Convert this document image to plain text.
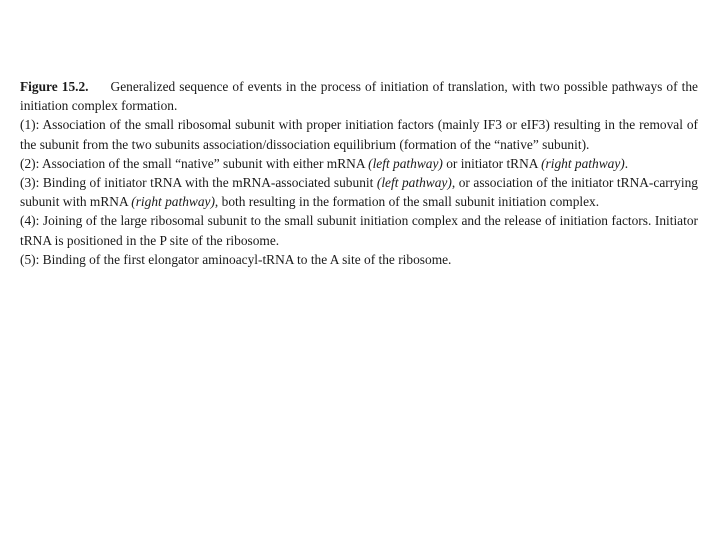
Figure 15.2. Generalized sequence of events in the process of initiation of translation, with two possible pathways of the initiation complex formation.

(1): Association of the small ribosomal subunit with proper initiation factors (mainly IF3 or eIF3) resulting in the removal of the subunit from the two subunits association/dissociation equilibrium (formation of the “native” subunit).

(2): Association of the small “native” subunit with either mRNA (left pathway) or initiator tRNA (right pathway).

(3): Binding of initiator tRNA with the mRNA-associated subunit (left pathway), or association of the initiator tRNA-carrying subunit with mRNA (right pathway), both resulting in the formation of the small subunit initiation complex.

(4): Joining of the large ribosomal subunit to the small subunit initiation complex and the release of initiation factors. Initiator tRNA is positioned in the P site of the ribosome.

(5): Binding of the first elongator aminoacyl-tRNA to the A site of the ribosome.
